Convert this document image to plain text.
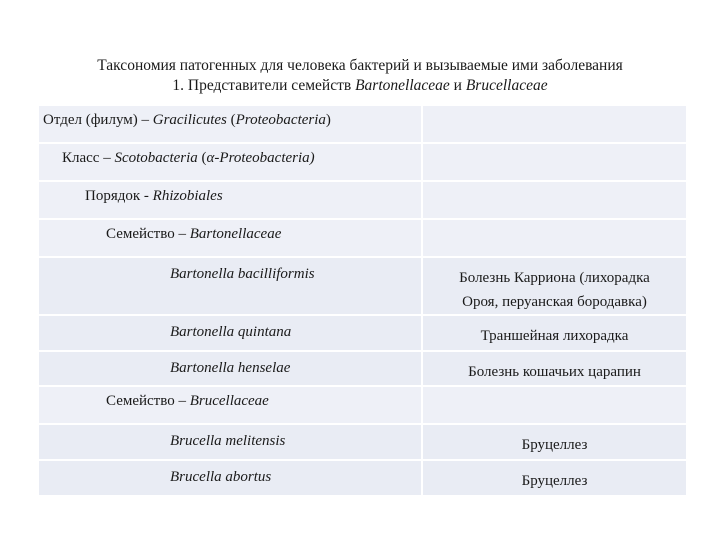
Таксономия патогенных для человека бактерий и вызываемые ими заболевания
1. Представители семейств Bartonellaceae и Brucellaceae
Отдел (филум) – Gracilicutes (Proteobacteria)	

Класс – Scotobacteria (α-Proteobacteria)	

Порядок - Rhizobiales	

Семейство – Bartonellaceae	

Bartonella bacilliformis	Болезнь Карриона (лихорадка
Ороя, перуанская бородавка)

Bartonella quintana	Траншейная лихорадка

Bartonella henselae	Болезнь кошачьих царапин

Семейство – Brucellaceae	

Brucella melitensis	Бруцеллез

Brucella abortus	Бруцеллез
